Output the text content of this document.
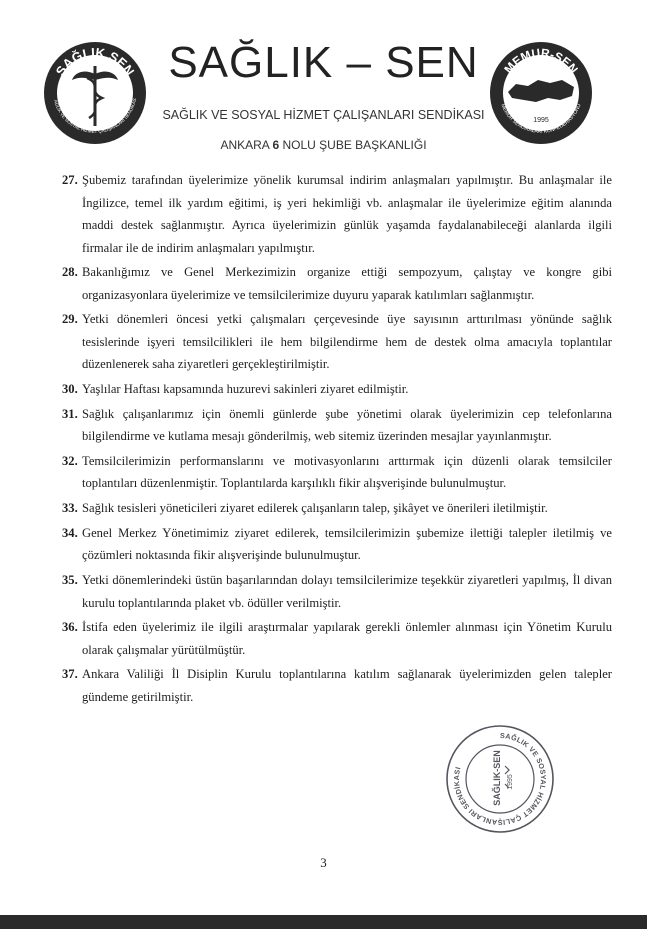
SAĞLIK SEN
AĞLIK VE SOSYAL HİZMET ÇALIŞANLARI SENDİKAS
SAĞLIK – SEN
SAĞLIK VE SOSYAL HİZMET ÇALIŞANLARI SENDİKASI
ANKARA 6 NOLU ŞUBE BAŞKANLIĞI
MEMUR-SEN
MEMUR SENDİKALARI KONFEDERASYONU
1995
27. Şubemiz tarafından üyelerimize yönelik kurumsal indirim anlaşmaları yapılmıştır. Bu anlaşmalar ile İngilizce, temel ilk yardım eğitimi, iş yeri hekimliği vb. anlaşmalar ile üyelerimize eğitim alanında maddi destek sağlanmıştır. Ayrıca üyelerimizin günlük yaşamda faydalanabileceği alanlarda ilgili firmalar ile de indirim anlaşmaları yapılmıştır.
28. Bakanlığımız ve Genel Merkezimizin organize ettiği sempozyum, çalıştay ve kongre gibi organizasyonlara üyelerimize ve temsilcilerimize duyuru yaparak katılımları sağlanmıştır.
29. Yetki dönemleri öncesi yetki çalışmaları çerçevesinde üye sayısının arttırılması yönünde sağlık tesislerinde işyeri temsilcilikleri ile hem bilgilendirme hem de destek olma amacıyla toplantılar düzenlenerek saha ziyaretleri gerçekleştirilmiştir.
30. Yaşlılar Haftası kapsamında huzurevi sakinleri ziyaret edilmiştir.
31. Sağlık çalışanlarımız için önemli günlerde şube yönetimi olarak üyelerimizin cep telefonlarına bilgilendirme ve kutlama mesajı gönderilmiş, web sitemiz üzerinden mesajlar yayınlanmıştır.
32. Temsilcilerimizin performanslarını ve motivasyonlarını arttırmak için düzenli olarak temsilciler toplantıları düzenlenmiştir. Toplantılarda karşılıklı fikir alışverişinde bulunulmuştur.
33. Sağlık tesisleri yöneticileri ziyaret edilerek çalışanların talep, şikâyet ve önerileri iletilmiştir.
34. Genel Merkez Yönetimimiz ziyaret edilerek, temsilcilerimizin şubemize ilettiği talepler iletilmiş ve çözümleri noktasında fikir alışverişinde bulunulmuştur.
35. Yetki dönemlerindeki üstün başarılarından dolayı temsilcilerimize teşekkür ziyaretleri yapılmış, İl divan kurulu toplantılarında plaket vb. ödüller verilmiştir.
36. İstifa eden üyelerimiz ile ilgili araştırmalar yapılarak gerekli önlemler alınması için Yönetim Kurulu olarak çalışmalar yürütülmüştür.
37. Ankara Valiliği İl Disiplin Kurulu toplantılarına katılım sağlanarak üyelerimizden gelen talepler gündeme getirilmiştir.
SAĞLIK VE SOSYAL HİZMET ÇALIŞANLARI SENDİKASI	SAĞLIK-SEN 1995
3
